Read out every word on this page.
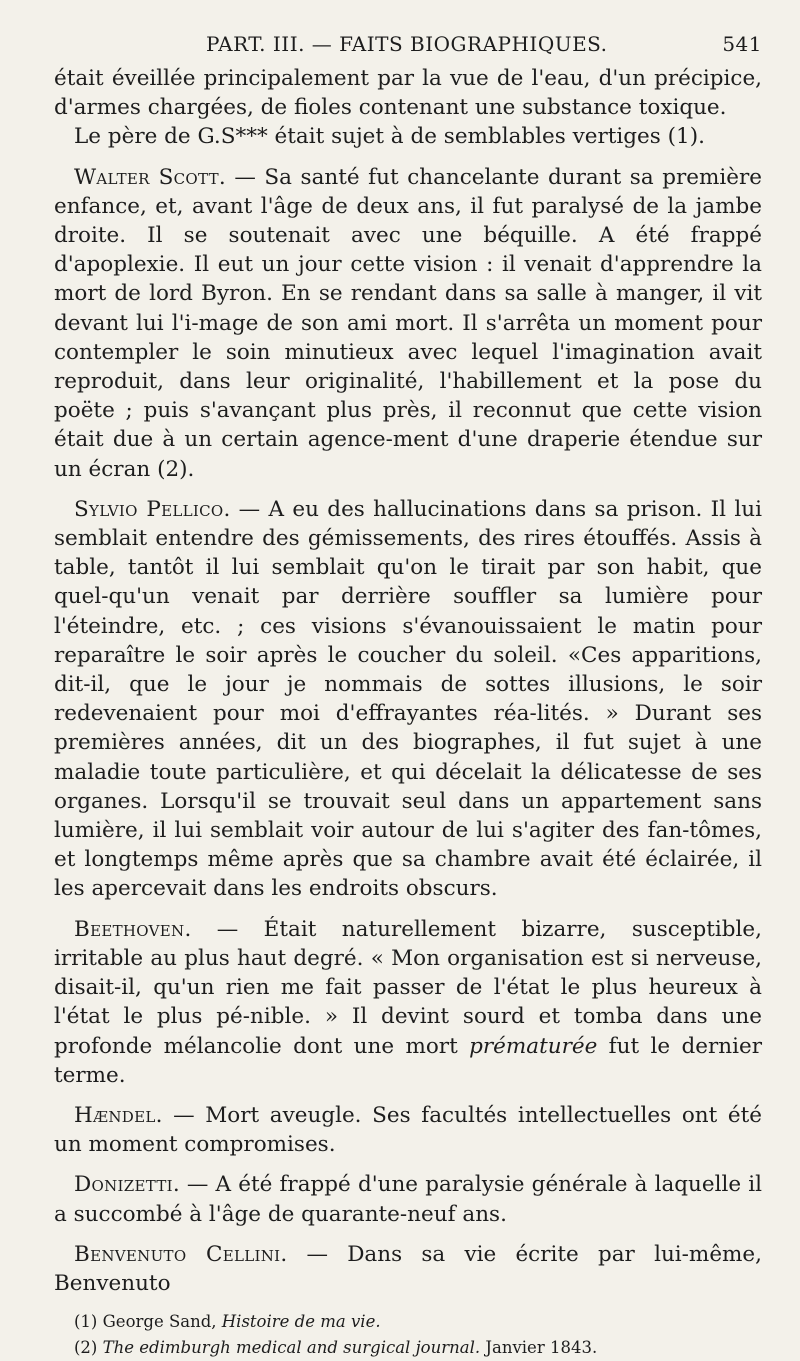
PART. III. — FAITS BIOGRAPHIQUES.	541

était éveillée principalement par la vue de l'eau, d'un précipice, d'armes chargées, de fioles contenant une substance toxique.

Le père de G.S*** était sujet à de semblables vertiges (1).

Walter Scott. — Sa santé fut chancelante durant sa première enfance, et, avant l'âge de deux ans, il fut paralysé de la jambe droite. Il se soutenait avec une béquille. A été frappé d'apoplexie. Il eut un jour cette vision : il venait d'apprendre la mort de lord Byron. En se rendant dans sa salle à manger, il vit devant lui l'i-mage de son ami mort. Il s'arrêta un moment pour contempler le soin minutieux avec lequel l'imagination avait reproduit, dans leur originalité, l'habillement et la pose du poëte ; puis s'avançant plus près, il reconnut que cette vision était due à un certain agence-ment d'une draperie étendue sur un écran (2).

Sylvio Pellico. — A eu des hallucinations dans sa prison. Il lui semblait entendre des gémissements, des rires étouffés. Assis à table, tantôt il lui semblait qu'on le tirait par son habit, que quel-qu'un venait par derrière souffler sa lumière pour l'éteindre, etc. ; ces visions s'évanouissaient le matin pour reparaître le soir après le coucher du soleil. «Ces apparitions, dit-il, que le jour je nommais de sottes illusions, le soir redevenaient pour moi d'effrayantes réa-lités. » Durant ses premières années, dit un des biographes, il fut sujet à une maladie toute particulière, et qui décelait la délicatesse de ses organes. Lorsqu'il se trouvait seul dans un appartement sans lumière, il lui semblait voir autour de lui s'agiter des fan-tômes, et longtemps même après que sa chambre avait été éclairée, il les apercevait dans les endroits obscurs.

Beethoven. — Était naturellement bizarre, susceptible, irritable au plus haut degré. « Mon organisation est si nerveuse, disait-il, qu'un rien me fait passer de l'état le plus heureux à l'état le plus pé-nible. » Il devint sourd et tomba dans une profonde mélancolie dont une mort prématurée fut le dernier terme.

Hændel. — Mort aveugle. Ses facultés intellectuelles ont été un moment compromises.

Donizetti. — A été frappé d'une paralysie générale à laquelle il a succombé à l'âge de quarante-neuf ans.

Benvenuto Cellini. — Dans sa vie écrite par lui-même, Benvenuto

(1) George Sand, Histoire de ma vie.
(2) The edimburgh medical and surgical journal. Janvier 1843.
